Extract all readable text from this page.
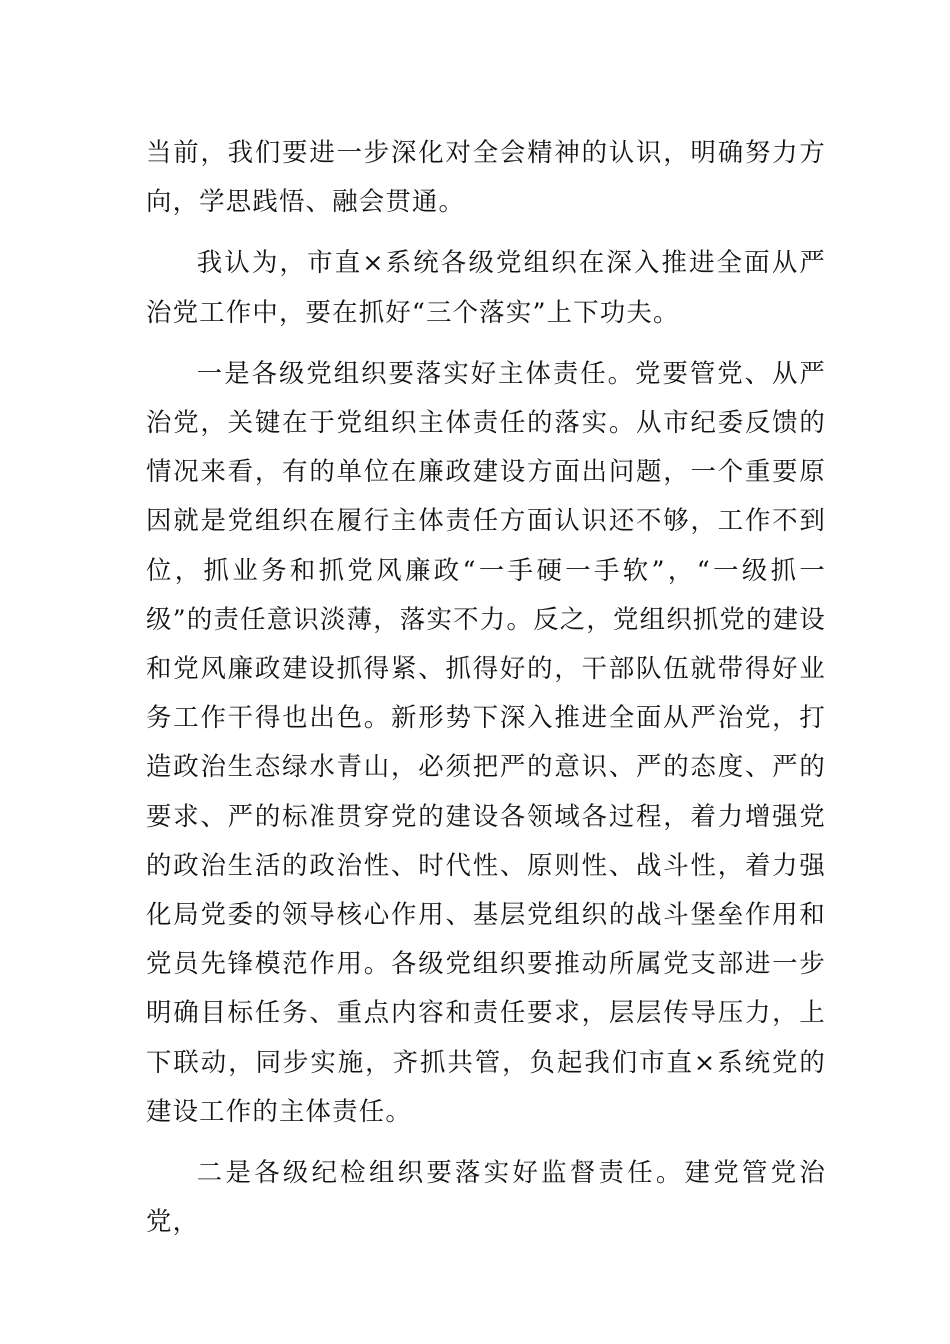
当前，我们要进一步深化对全会精神的认识，明确努力方向，学思践悟、融会贯通。

我认为，市直×系统各级党组织在深入推进全面从严治党工作中，要在抓好“三个落实”上下功夫。

一是各级党组织要落实好主体责任。党要管党、从严治党，关键在于党组织主体责任的落实。从市纪委反馈的情况来看，有的单位在廉政建设方面出问题，一个重要原因就是党组织在履行主体责任方面认识还不够，工作不到位，抓业务和抓党风廉政“一手硬一手软”，“一级抓一级”的责任意识淡薄，落实不力。反之，党组织抓党的建设和党风廉政建设抓得紧、抓得好的，干部队伍就带得好业务工作干得也出色。新形势下深入推进全面从严治党，打造政治生态绿水青山，必须把严的意识、严的态度、严的要求、严的标准贯穿党的建设各领域各过程，着力增强党的政治生活的政治性、时代性、原则性、战斗性，着力强化局党委的领导核心作用、基层党组织的战斗堡垒作用和党员先锋模范作用。各级党组织要推动所属党支部进一步明确目标任务、重点内容和责任要求，层层传导压力，上下联动，同步实施，齐抓共管，负起我们市直×系统党的建设工作的主体责任。

二是各级纪检组织要落实好监督责任。建党管党治党，
